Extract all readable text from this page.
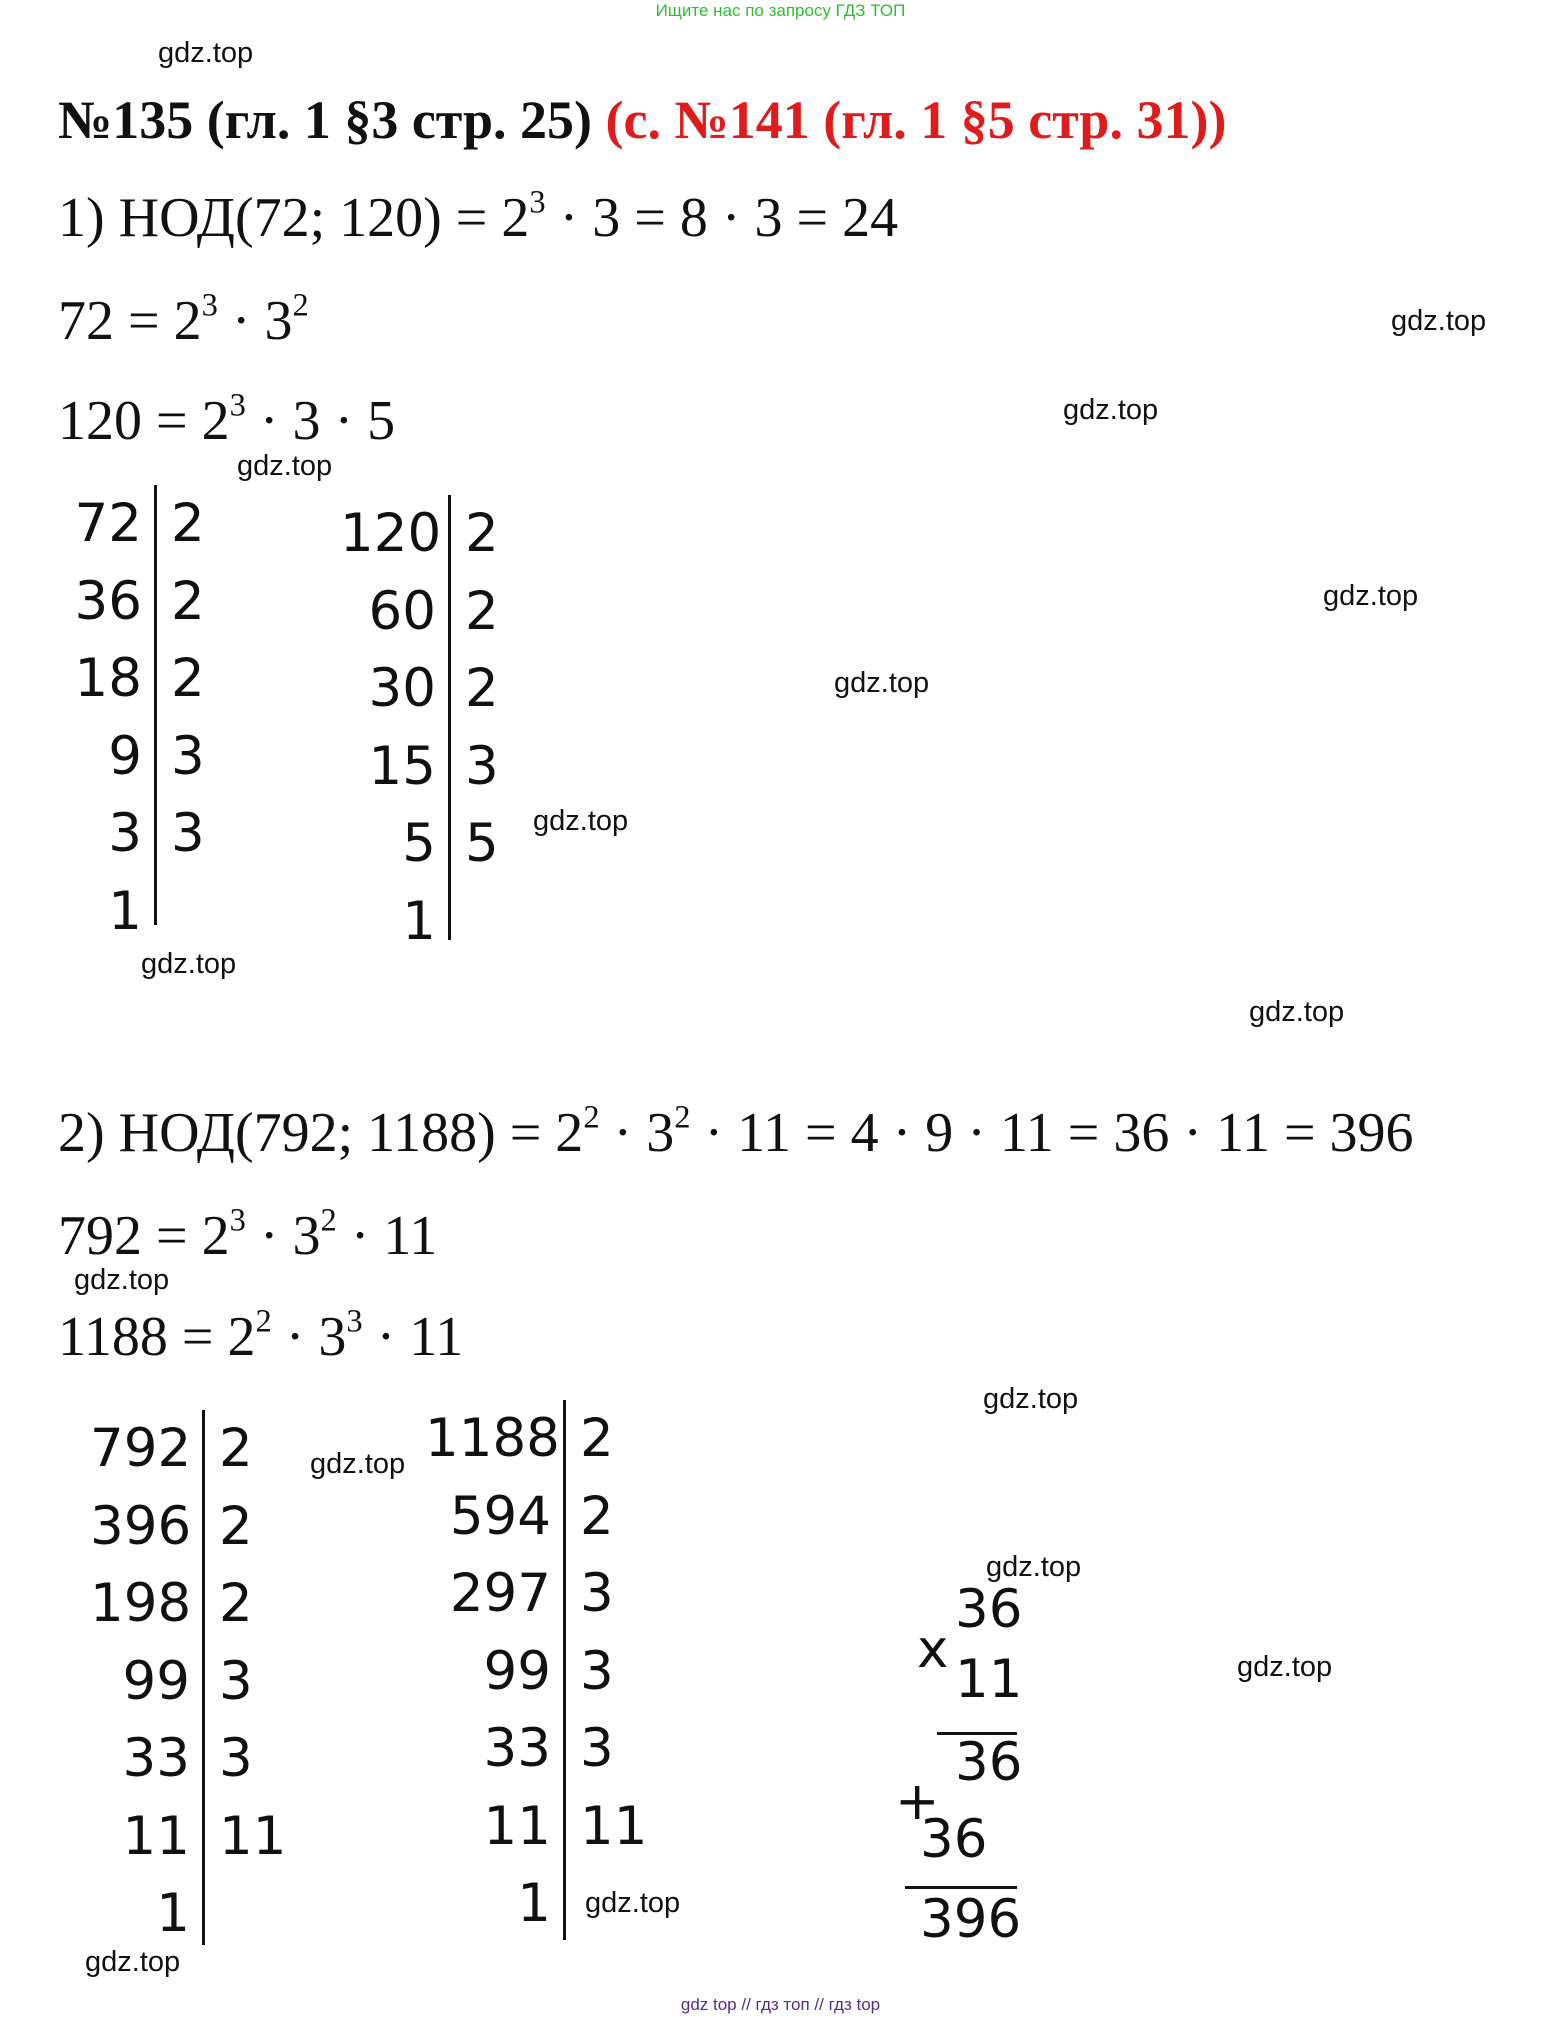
Ищите нас по запросу ГДЗ ТОП
№135 (гл. 1 §3 стр. 25) (с. №141 (гл. 1 §5 стр. 31))
1) НОД(72; $120) = 2^3 \cdot 3 = 8 \cdot 3 = 24$
$72 = 2^3 \cdot 3^2$
$120 = 2^3 \cdot 3 \cdot 5$
72 2
36 2
18 2
9 3
3 3
1
120 2
60 2
30 2
15 3
5 5
1
792 2
396 2
198 2
99 3
33 3
11 11
1
1188 2
594 2
297 3
99 3
33 3
11 11
1
2) НОД(792; $1188) = 2^2 \cdot 3^2 \cdot 11 = 4 \cdot 9 \cdot 11 = 36 \cdot 11 = 396$
$792 = 2^3 \cdot 3^2 \cdot 11$
$1188 = 2^2 \cdot 3^3 \cdot 11$
36
x 11
36
+
36
396
gdz.top
gdz.top
gdz.top
gdz.top
gdz.top
gdz.top
gdz.top
gdz.top
gdz.top
gdz.top
gdz.top
gdz.top
gdz.top
gdz.top
gdz.top
gdz.top
gdz top // гдз топ // гдз top
